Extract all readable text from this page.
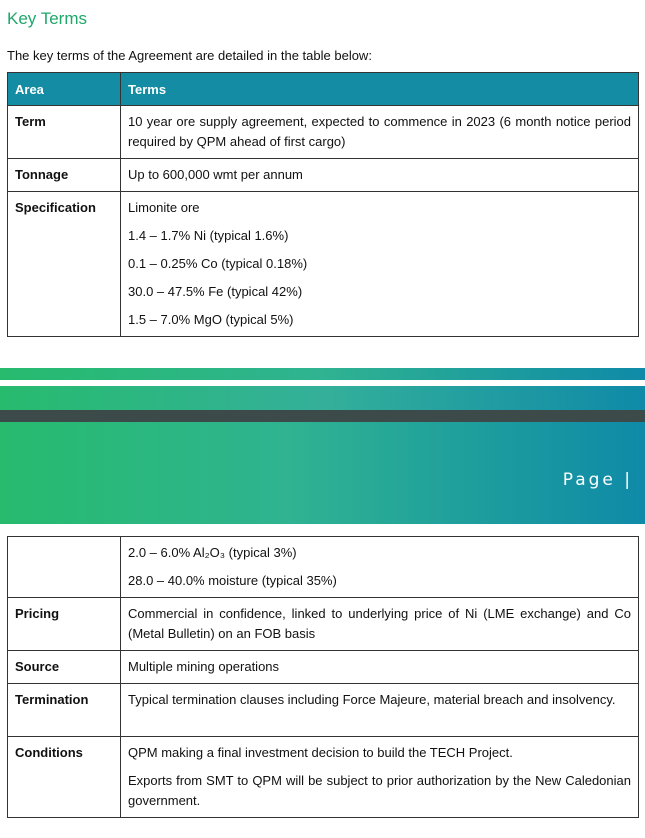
Key Terms
The key terms of the Agreement are detailed in the table below:
Area	Terms
Term	10 year ore supply agreement, expected to commence in 2023 (6 month notice period required by QPM ahead of first cargo)
Tonnage	Up to 600,000 wmt per annum
Specification	Limonite ore
1.4 – 1.7% Ni (typical 1.6%)
0.1 – 0.25% Co (typical 0.18%)
30.0 – 47.5% Fe (typical 42%)
1.5 – 7.0% MgO (typical 5%)
Page |

	2.0 – 6.0% Al₂O₃ (typical 3%)
28.0 – 40.0% moisture (typical 35%)

Pricing	Commercial in confidence, linked to underlying price of Ni (LME exchange) and Co (Metal Bulletin) on an FOB basis
Source	Multiple mining operations
Termination	Typical termination clauses including Force Majeure, material breach and insolvency.
Conditions	QPM making a final investment decision to build the TECH Project.
Exports from SMT to QPM will be subject to prior authorization by the New Caledonian government.
